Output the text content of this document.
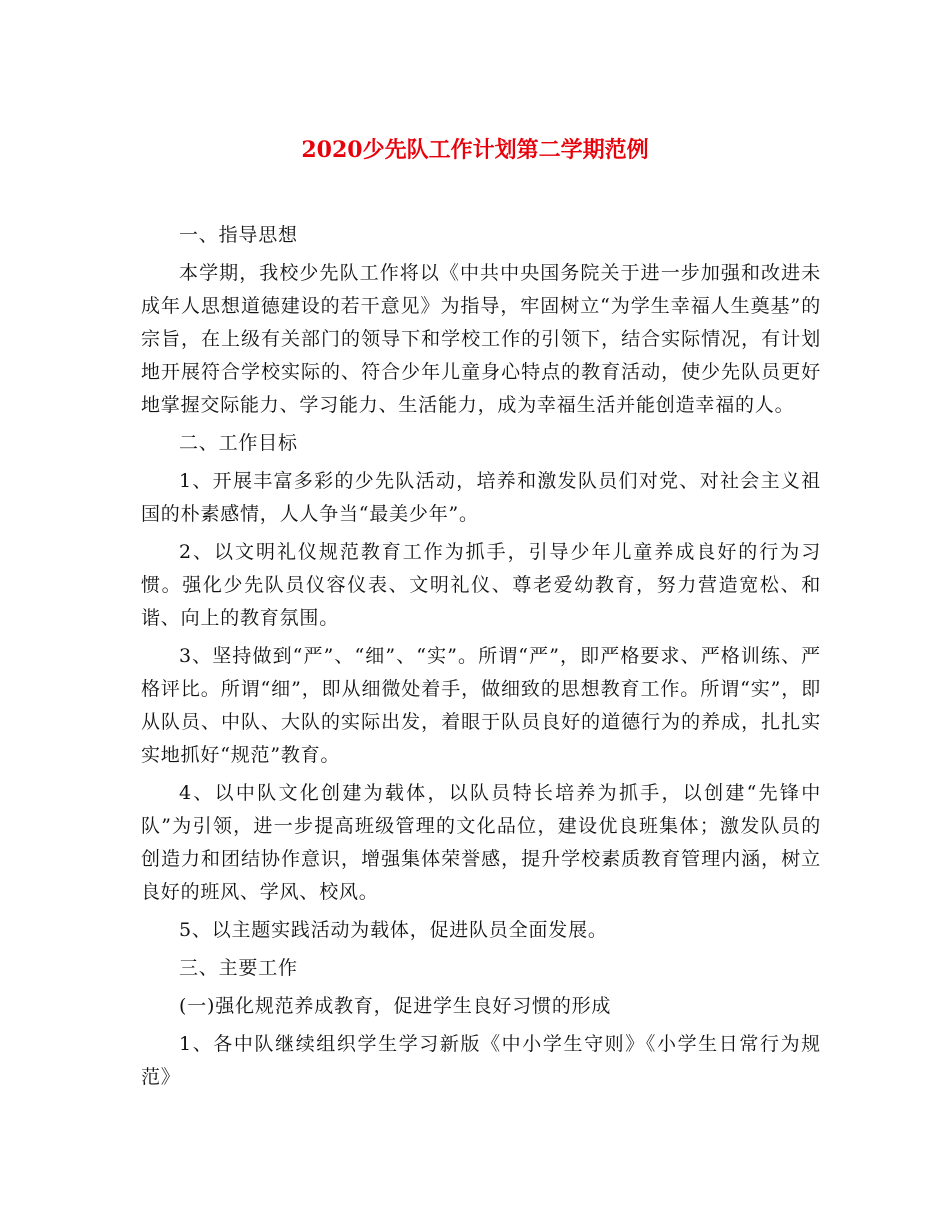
2020少先队工作计划第二学期范例

一、指导思想

本学期，我校少先队工作将以《中共中央国务院关于进一步加强和改进未成年人思想道德建设的若干意见》为指导，牢固树立“为学生幸福人生奠基”的宗旨，在上级有关部门的领导下和学校工作的引领下，结合实际情况，有计划地开展符合学校实际的、符合少年儿童身心特点的教育活动，使少先队员更好地掌握交际能力、学习能力、生活能力，成为幸福生活并能创造幸福的人。

二、工作目标

1、开展丰富多彩的少先队活动，培养和激发队员们对党、对社会主义祖国的朴素感情，人人争当“最美少年”。

2、以文明礼仪规范教育工作为抓手，引导少年儿童养成良好的行为习惯。强化少先队员仪容仪表、文明礼仪、尊老爱幼教育，努力营造宽松、和谐、向上的教育氛围。

3、坚持做到“严”、“细”、“实”。所谓“严”，即严格要求、严格训练、严格评比。所谓“细”，即从细微处着手，做细致的思想教育工作。所谓“实”，即从队员、中队、大队的实际出发，着眼于队员良好的道德行为的养成，扎扎实实地抓好“规范”教育。

4、以中队文化创建为载体，以队员特长培养为抓手，以创建“先锋中队”为引领，进一步提高班级管理的文化品位，建设优良班集体；激发队员的创造力和团结协作意识，增强集体荣誉感，提升学校素质教育管理内涵，树立良好的班风、学风、校风。

5、以主题实践活动为载体，促进队员全面发展。

三、主要工作

(一)强化规范养成教育，促进学生良好习惯的形成

1、各中队继续组织学生学习新版《中小学生守则》《小学生日常行为规范》
